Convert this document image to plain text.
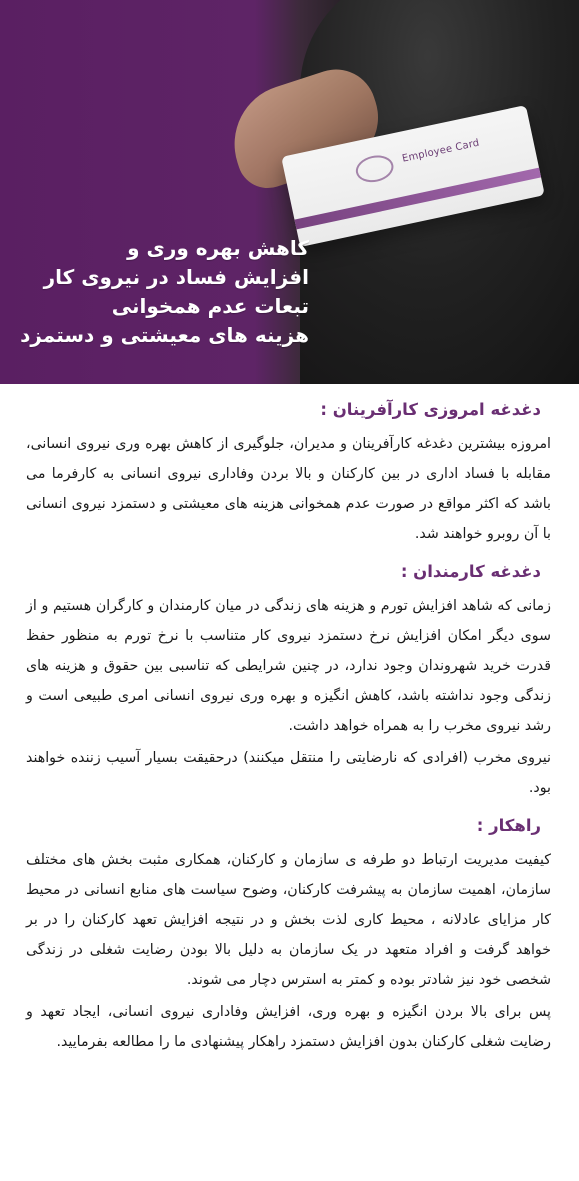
Employee Card
کاهش بهره وری و
افزایش فساد در نیروی کار
تبعات عدم همخوانی
هزینه های معیشتی و دستمزد
دغدغه امروزی کارآفرینان :

امروزه بیشترین دغدغه کارآفرینان و مدیران، جلوگیری از کاهش بهره وری نیروی انسانی، مقابله با فساد اداری در بین کارکنان و بالا بردن وفاداری نیروی انسانی به کارفرما می باشد که اکثر مواقع در صورت عدم همخوانی هزینه های معیشتی و دستمزد نیروی انسانی با آن روبرو خواهند شد.

دغدغه کارمندان :

زمانی که شاهد افزایش تورم و هزینه های زندگی در میان کارمندان و کارگران هستیم و از سوی دیگر امکان افزایش نرخ دستمزد نیروی کار متناسب با نرخ تورم به منظور حفظ قدرت خرید شهروندان وجود ندارد، در چنین شرایطی که تناسبی بین حقوق و هزینه های زندگی وجود نداشته باشد، کاهش انگیزه و بهره وری نیروی انسانی امری طبیعی است و رشد نیروی مخرب را به همراه خواهد داشت.

نیروی مخرب (افرادی که نارضایتی را منتقل میکنند) درحقیقت بسیار آسیب زننده خواهند بود.

راهکار :

کیفیت مدیریت ارتباط دو طرفه ی سازمان و کارکنان، همکاری مثبت بخش های مختلف سازمان، اهمیت سازمان به پیشرفت کارکنان، وضوح سیاست های منابع انسانی در محیط کار مزایای عادلانه ، محیط کاری لذت بخش و در نتیجه افزایش تعهد کارکنان را در بر خواهد گرفت و افراد متعهد در یک سازمان به دلیل بالا بودن رضایت شغلی در زندگی شخصی خود نیز شادتر بوده و کمتر به استرس دچار می شوند.

پس برای بالا بردن انگیزه و بهره وری، افزایش وفاداری نیروی انسانی، ایجاد تعهد و رضایت شغلی کارکنان بدون افزایش دستمزد راهکار پیشنهادی ما را مطالعه بفرمایید.
